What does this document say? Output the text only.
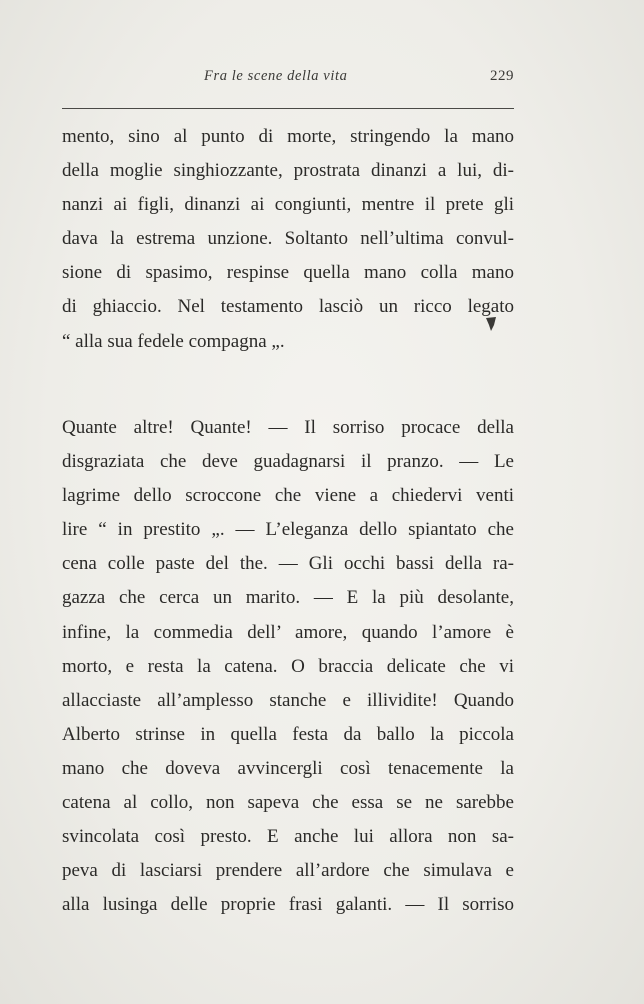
Fra le scene della vita	229
mento, sino al punto di morte, stringendo la mano
della moglie singhiozzante, prostrata dinanzi a lui, di-
nanzi ai figli, dinanzi ai congiunti, mentre il prete gli
dava la estrema unzione. Soltanto nell’ultima convul-
sione di spasimo, respinse quella mano colla mano
di ghiaccio. Nel testamento lasciò un ricco legato
“ alla sua fedele compagna „.
Quante altre! Quante! — Il sorriso procace della
disgraziata che deve guadagnarsi il pranzo. — Le
lagrime dello scroccone che viene a chiedervi venti
lire “ in prestito „. — L’eleganza dello spiantato che
cena colle paste del the. — Gli occhi bassi della ra-
gazza che cerca un marito. — E la più desolante,
infine, la commedia dell’ amore, quando l’amore è
morto, e resta la catena. O braccia delicate che vi
allacciaste all’amplesso stanche e illividite! Quando
Alberto strinse in quella festa da ballo la piccola
mano che doveva avvincergli così tenacemente la
catena al collo, non sapeva che essa se ne sarebbe
svincolata così presto. E anche lui allora non sa-
peva di lasciarsi prendere all’ardore che simulava e
alla lusinga delle proprie frasi galanti. — Il sorriso
